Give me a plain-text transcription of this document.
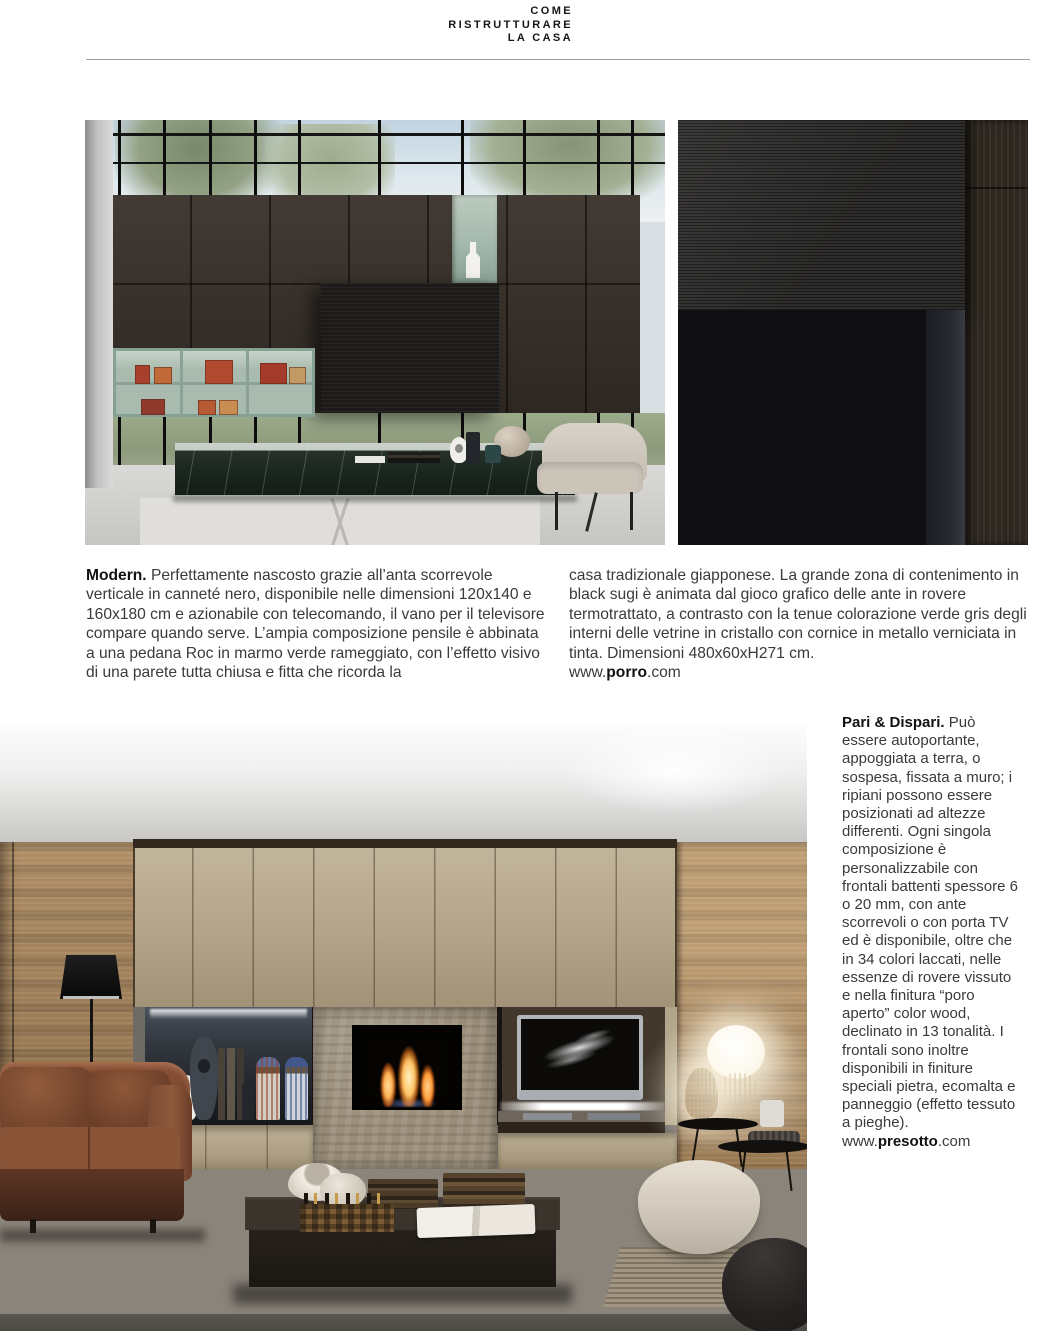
COME
RISTRUTTURARE
LA CASA

Modern. Perfettamente nascosto grazie all’anta scorrevole verticale in canneté nero, disponibile nelle dimensioni 120x140 e 160x180 cm e azionabile con telecomando, il vano per il televisore compare quando serve. L’ampia composizione pensile è abbinata a una pedana Roc in marmo verde rameggiato, con l’effetto visivo di una parete tutta chiusa e fitta che ricorda la

casa tradizionale giapponese. La grande zona di contenimento in black sugi è animata dal gioco grafico delle ante in rovere termotrattato, a contrasto con la tenue colorazione verde gris degli interni delle vetrine in cristallo con cornice in metallo verniciata in tinta. Dimensioni 480x60xH271 cm.
www.porro.com
Pari & Dispari. Può essere autoportante, appoggiata a terra, o sospesa, fissata a muro; i ripiani possono essere posizionati ad altezze differenti. Ogni singola composizione è personalizzabile con frontali battenti spessore 6 o 20 mm, con ante scorrevoli o con porta TV ed è disponibile, oltre che in 34 colori laccati, nelle essenze di rovere vissuto e nella finitura “poro aperto” color wood, declinato in 13 tonalità. I frontali sono inoltre disponibili in finiture speciali pietra, ecomalta e panneggio (effetto tessuto a pieghe).
www.presotto.com
